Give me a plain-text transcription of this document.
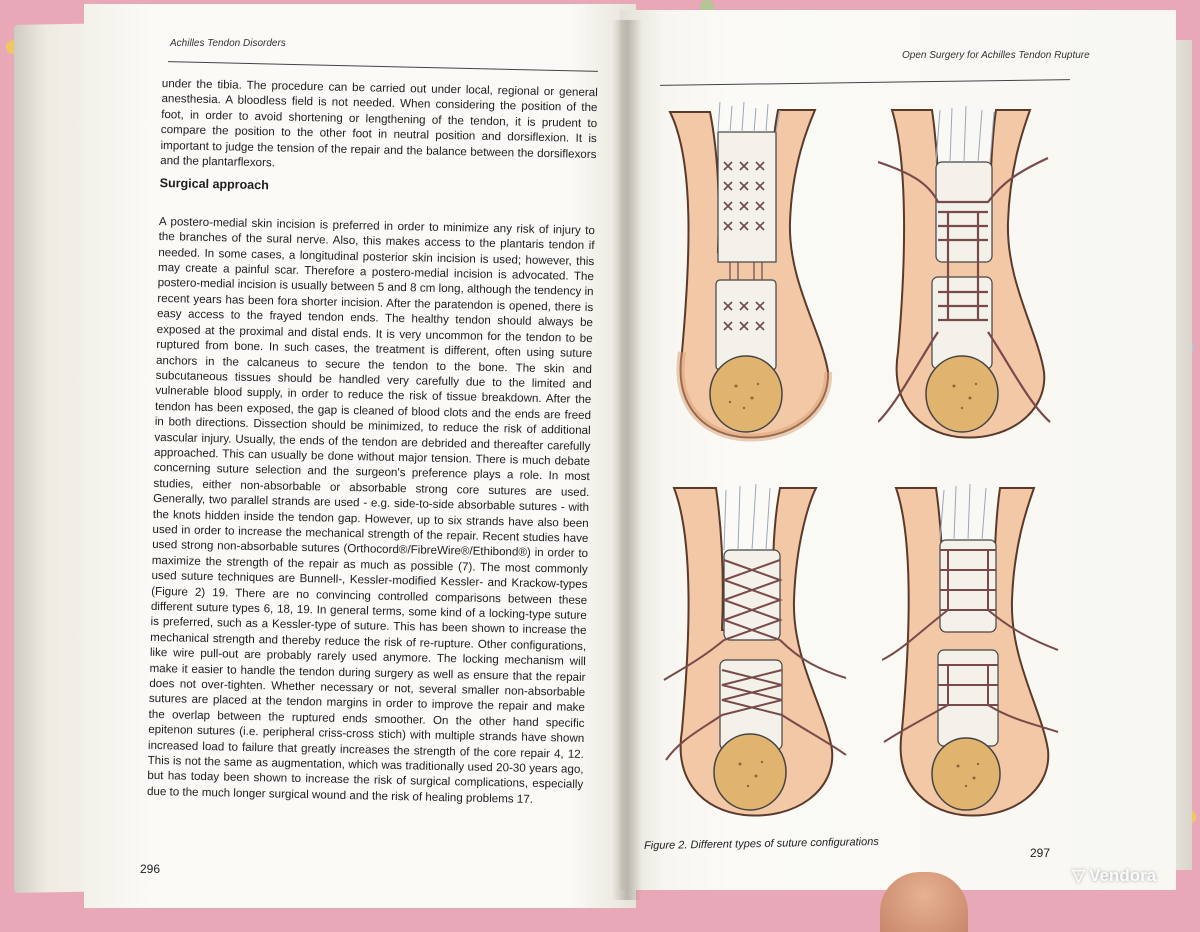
Achilles Tendon Disorders

under the tibia. The procedure can be carried out under local, regional or general anesthesia. A bloodless field is not needed. When considering the position of the foot, in order to avoid shortening or lengthening of the tendon, it is prudent to compare the position to the other foot in neutral position and dorsiflexion. It is important to judge the tension of the repair and the balance between the dorsiflexors and the plantarflexors.

Surgical approach

A postero-medial skin incision is preferred in order to minimize any risk of injury to the branches of the sural nerve. Also, this makes access to the plantaris tendon if needed. In some cases, a longitudinal posterior skin incision is used; however, this may create a painful scar. Therefore a postero-medial incision is advocated. The postero-medial incision is usually between 5 and 8 cm long, although the tendency in recent years has been fora shorter incision. After the paratendon is opened, there is easy access to the frayed tendon ends. The healthy tendon should always be exposed at the proximal and distal ends. It is very uncommon for the tendon to be ruptured from bone. In such cases, the treatment is different, often using suture anchors in the calcaneus to secure the tendon to the bone. The skin and subcutaneous tissues should be handled very carefully due to the limited and vulnerable blood supply, in order to reduce the risk of tissue breakdown. After the tendon has been exposed, the gap is cleaned of blood clots and the ends are freed in both directions. Dissection should be minimized, to reduce the risk of additional vascular injury. Usually, the ends of the tendon are debrided and thereafter carefully approached. This can usually be done without major tension. There is much debate concerning suture selection and the surgeon's preference plays a role. In most studies, either non-absorbable or absorbable strong core sutures are used. Generally, two parallel strands are used - e.g. side-to-side absorbable sutures - with the knots hidden inside the tendon gap. However, up to six strands have also been used in order to increase the mechanical strength of the repair. Recent studies have used strong non-absorbable sutures (Orthocord®/FibreWire®/Ethibond®) in order to maximize the strength of the repair as much as possible (7). The most commonly used suture techniques are Bunnell-, Kessler-modified Kessler- and Krackow-types (Figure 2) 19. There are no convincing controlled comparisons between these different suture types 6, 18, 19. In general terms, some kind of a locking-type suture is preferred, such as a Kessler-type of suture. This has been shown to increase the mechanical strength and thereby reduce the risk of re-rupture. Other configurations, like wire pull-out are probably rarely used anymore. The locking mechanism will make it easier to handle the tendon during surgery as well as ensure that the repair does not over-tighten. Whether necessary or not, several smaller non-absorbable sutures are placed at the tendon margins in order to improve the repair and make the overlap between the ruptured ends smoother. On the other hand specific epitenon sutures (i.e. peripheral criss-cross stich) with multiple strands have shown increased load to failure that greatly increases the strength of the core repair 4, 12. This is not the same as augmentation, which was traditionally used 20-30 years ago, but has today been shown to increase the risk of surgical complications, especially due to the much longer surgical wound and the risk of healing problems 17.

296
Open Surgery for Achilles Tendon Rupture
Figure 2. Different types of suture configurations
297
▽ Vendora
